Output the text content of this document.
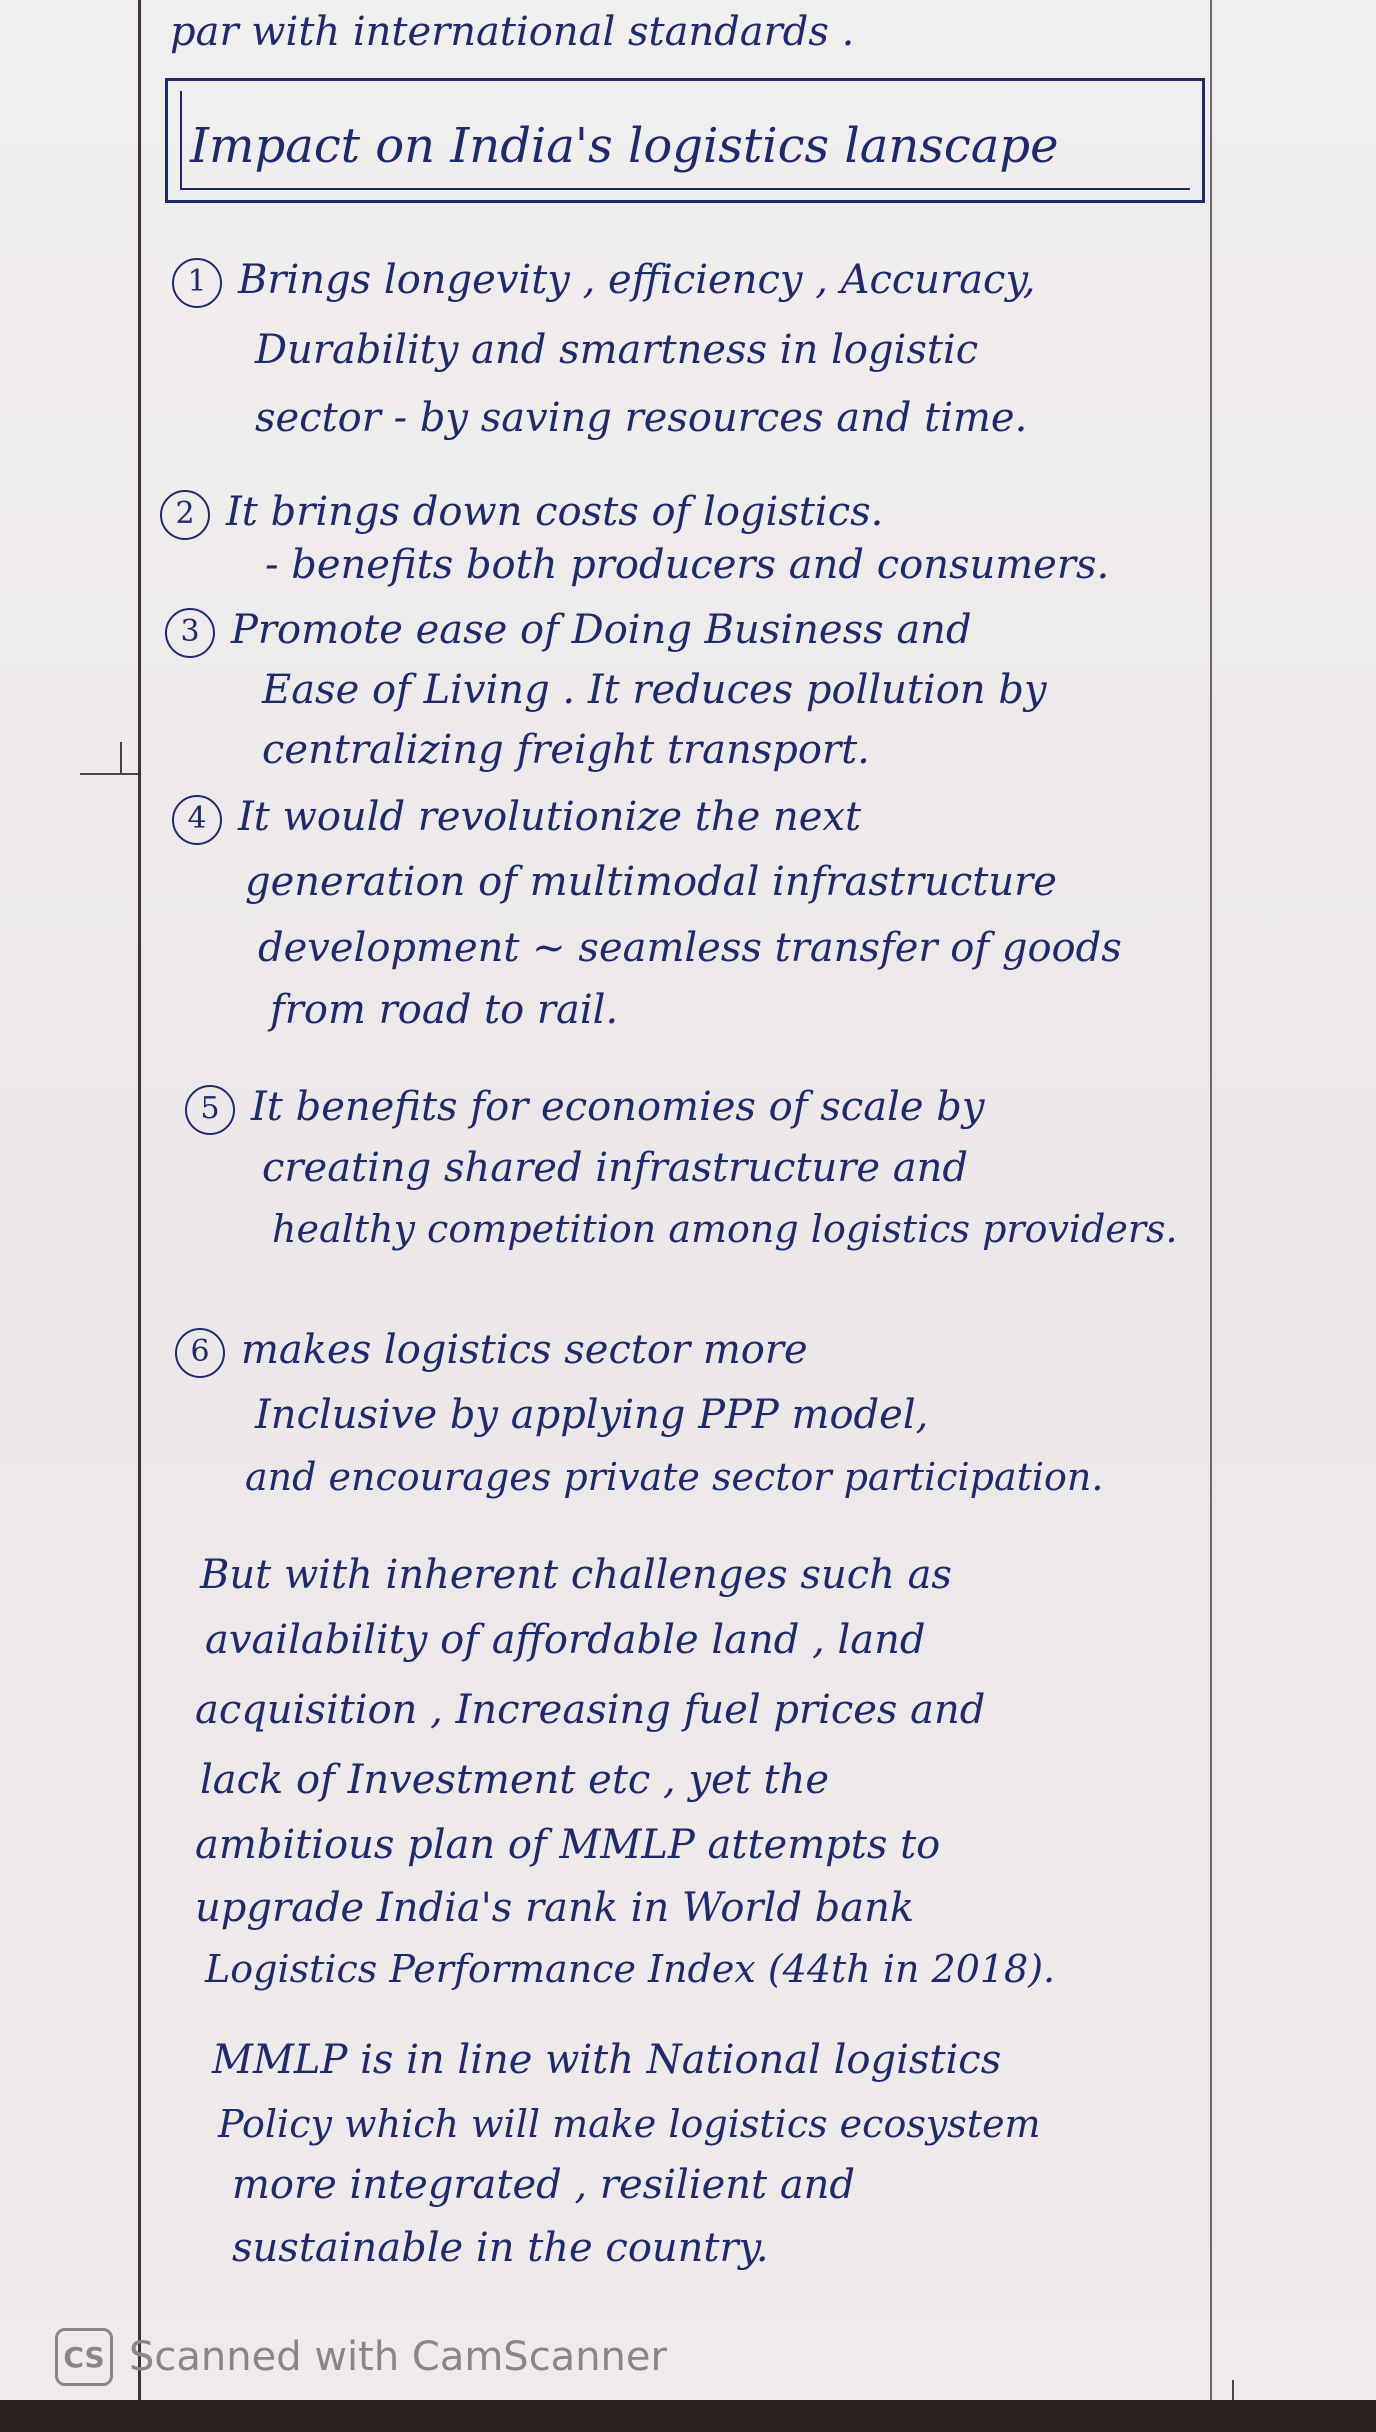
par with international standards .
Impact on India's logistics lanscape
1 Brings longevity , efficiency , Accuracy,
Durability and smartness in logistic
sector - by saving resources and time.
2 It brings down costs of logistics.
- benefits both producers and consumers.
3 Promote ease of Doing Business and
Ease of Living . It reduces pollution by
centralizing freight transport.
4 It would revolutionize the next
generation of multimodal infrastructure
development ~ seamless transfer of goods
from road to rail.
5 It benefits for economies of scale by
creating shared infrastructure and
healthy competition among logistics providers.
6 makes logistics sector more
Inclusive by applying PPP model,
and encourages private sector participation.
But with inherent challenges such as
availability of affordable land , land
acquisition , Increasing fuel prices and
lack of Investment etc , yet the
ambitious plan of MMLP attempts to
upgrade India's rank in World bank
Logistics Performance Index (44th in 2018).
MMLP is in line with National logistics
Policy which will make logistics ecosystem
more integrated , resilient and
sustainable in the country.
CS Scanned with CamScanner
